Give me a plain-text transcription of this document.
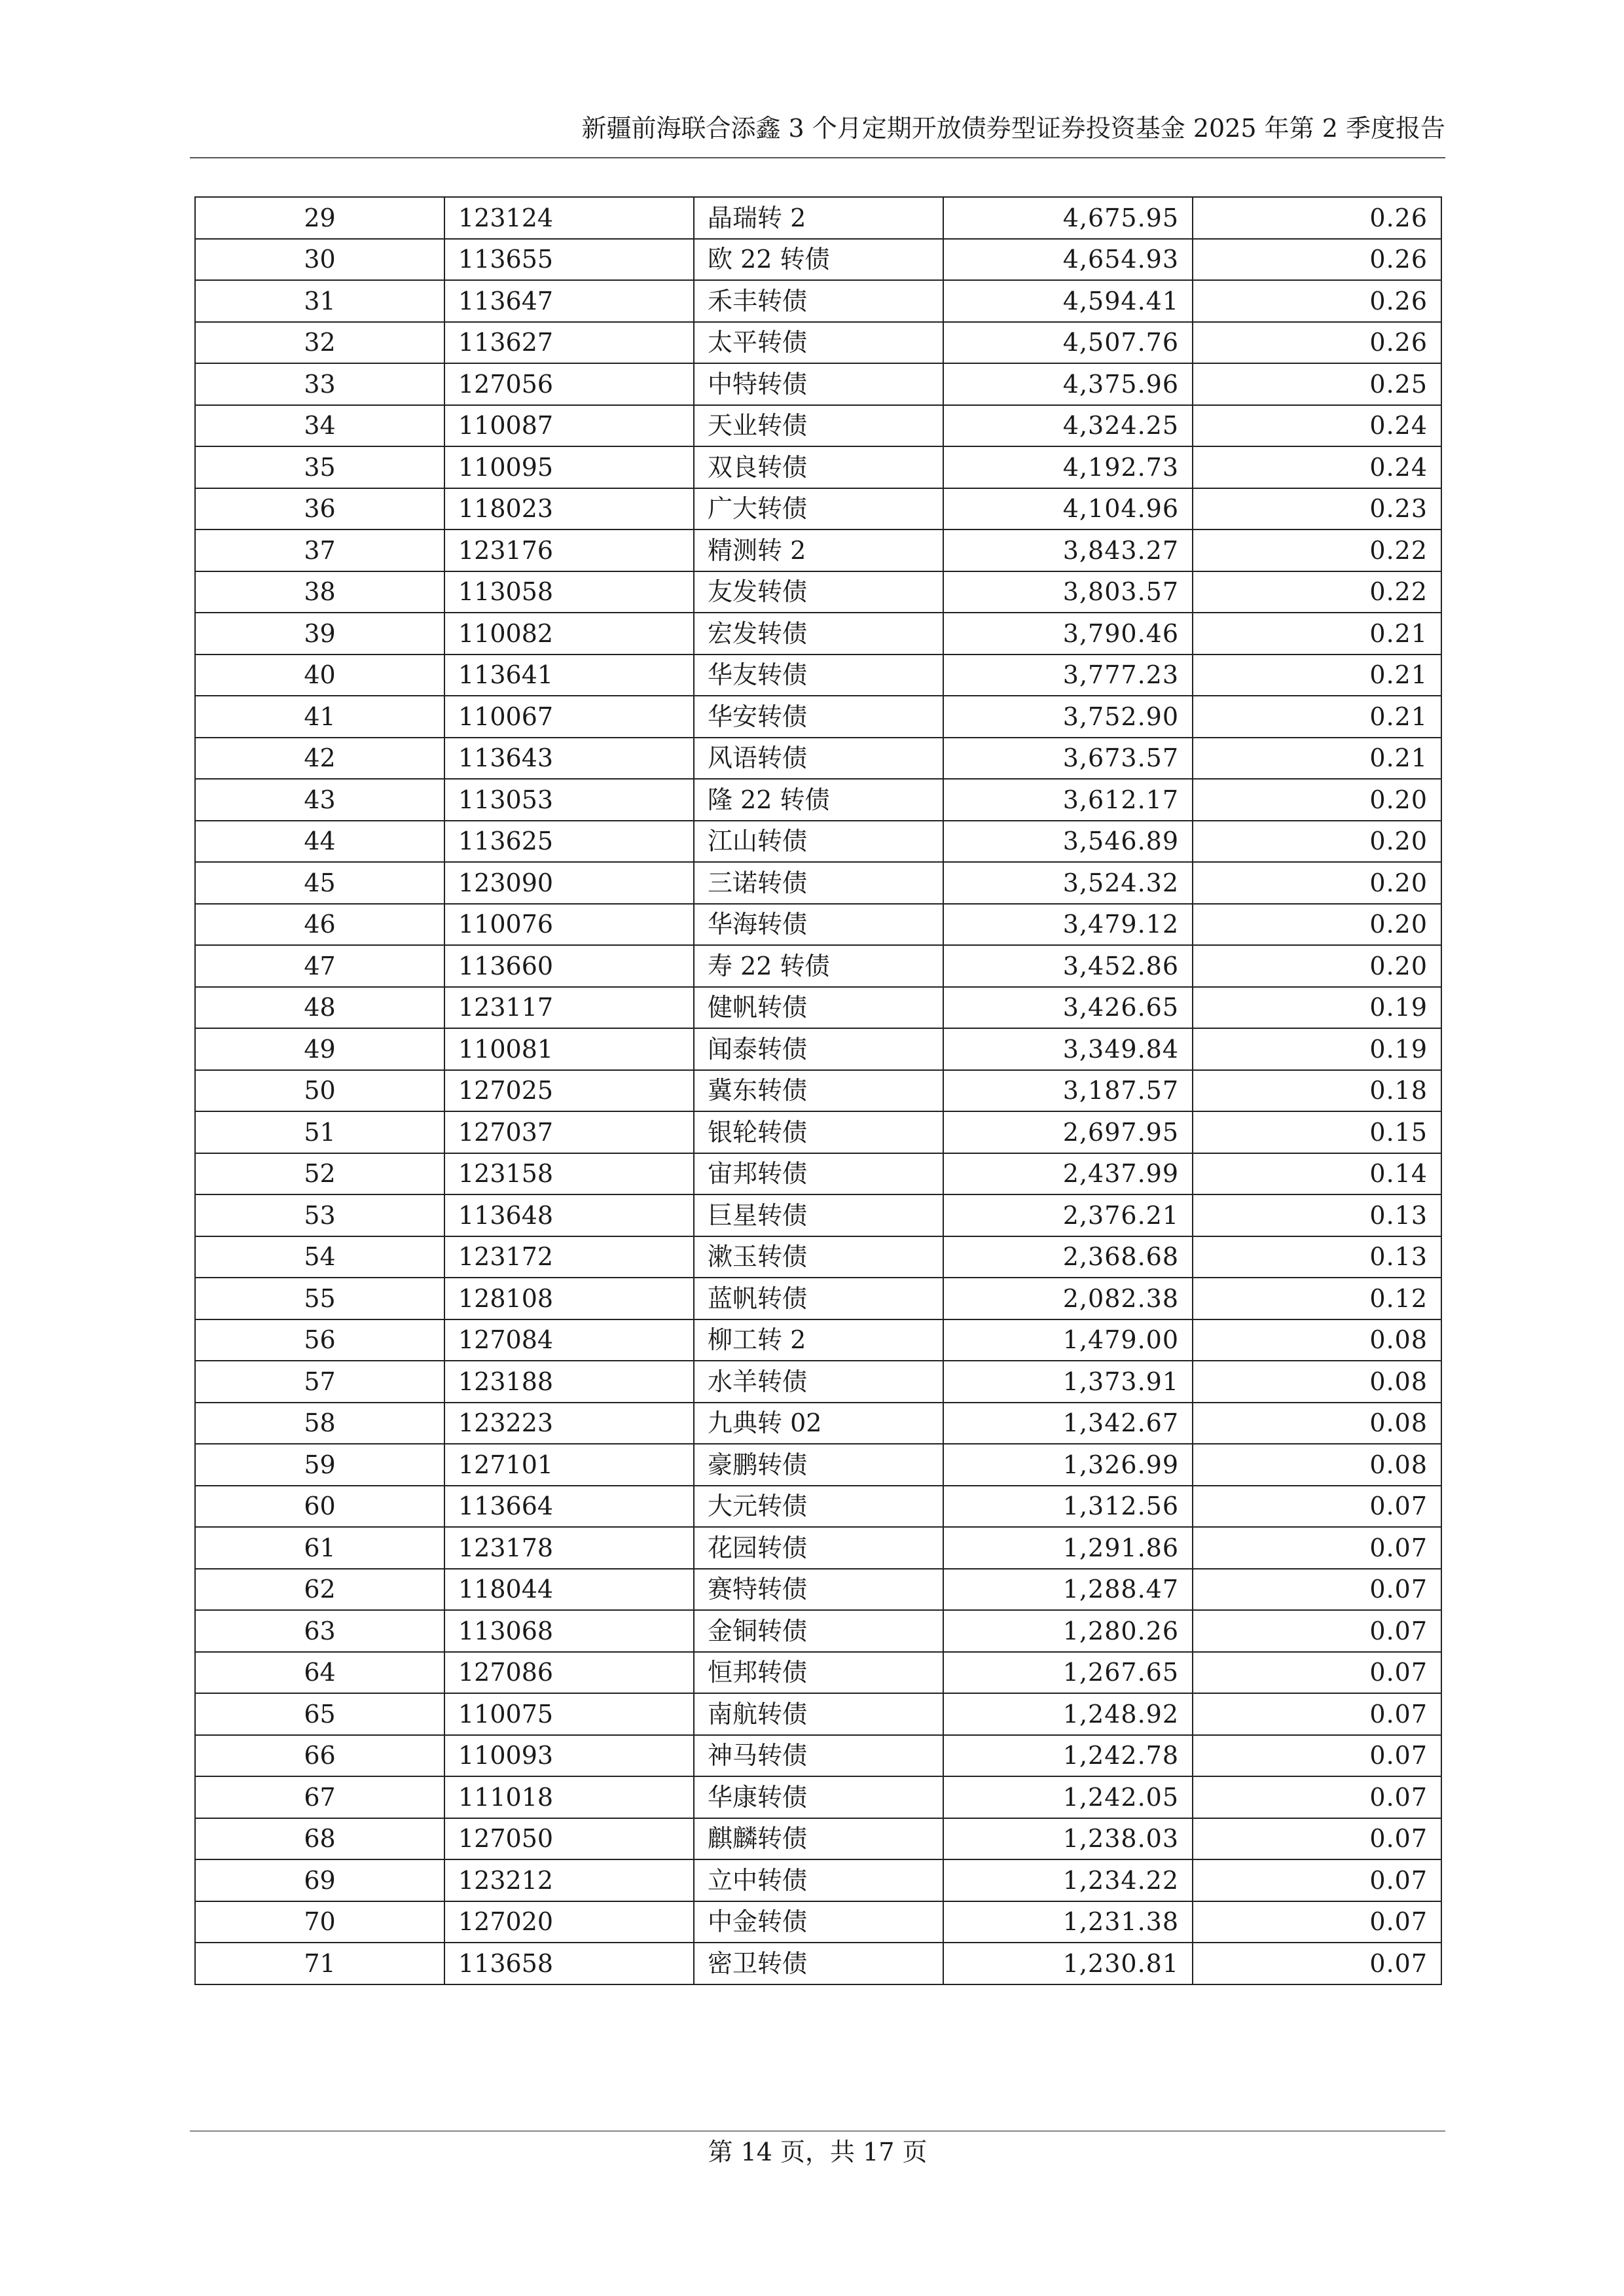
新疆前海联合添鑫 3 个月定期开放债券型证券投资基金 2025 年第 2 季度报告
29	123124	晶瑞转 2	4,675.95	0.26
30	113655	欧 22 转债	4,654.93	0.26
31	113647	禾丰转债	4,594.41	0.26
32	113627	太平转债	4,507.76	0.26
33	127056	中特转债	4,375.96	0.25
34	110087	天业转债	4,324.25	0.24
35	110095	双良转债	4,192.73	0.24
36	118023	广大转债	4,104.96	0.23
37	123176	精测转 2	3,843.27	0.22
38	113058	友发转债	3,803.57	0.22
39	110082	宏发转债	3,790.46	0.21
40	113641	华友转债	3,777.23	0.21
41	110067	华安转债	3,752.90	0.21
42	113643	风语转债	3,673.57	0.21
43	113053	隆 22 转债	3,612.17	0.20
44	113625	江山转债	3,546.89	0.20
45	123090	三诺转债	3,524.32	0.20
46	110076	华海转债	3,479.12	0.20
47	113660	寿 22 转债	3,452.86	0.20
48	123117	健帆转债	3,426.65	0.19
49	110081	闻泰转债	3,349.84	0.19
50	127025	冀东转债	3,187.57	0.18
51	127037	银轮转债	2,697.95	0.15
52	123158	宙邦转债	2,437.99	0.14
53	113648	巨星转债	2,376.21	0.13
54	123172	漱玉转债	2,368.68	0.13
55	128108	蓝帆转债	2,082.38	0.12
56	127084	柳工转 2	1,479.00	0.08
57	123188	水羊转债	1,373.91	0.08
58	123223	九典转 02	1,342.67	0.08
59	127101	豪鹏转债	1,326.99	0.08
60	113664	大元转债	1,312.56	0.07
61	123178	花园转债	1,291.86	0.07
62	118044	赛特转债	1,288.47	0.07
63	113068	金铜转债	1,280.26	0.07
64	127086	恒邦转债	1,267.65	0.07
65	110075	南航转债	1,248.92	0.07
66	110093	神马转债	1,242.78	0.07
67	111018	华康转债	1,242.05	0.07
68	127050	麒麟转债	1,238.03	0.07
69	123212	立中转债	1,234.22	0.07
70	127020	中金转债	1,231.38	0.07
71	113658	密卫转债	1,230.81	0.07
第 14 页，共 17 页
